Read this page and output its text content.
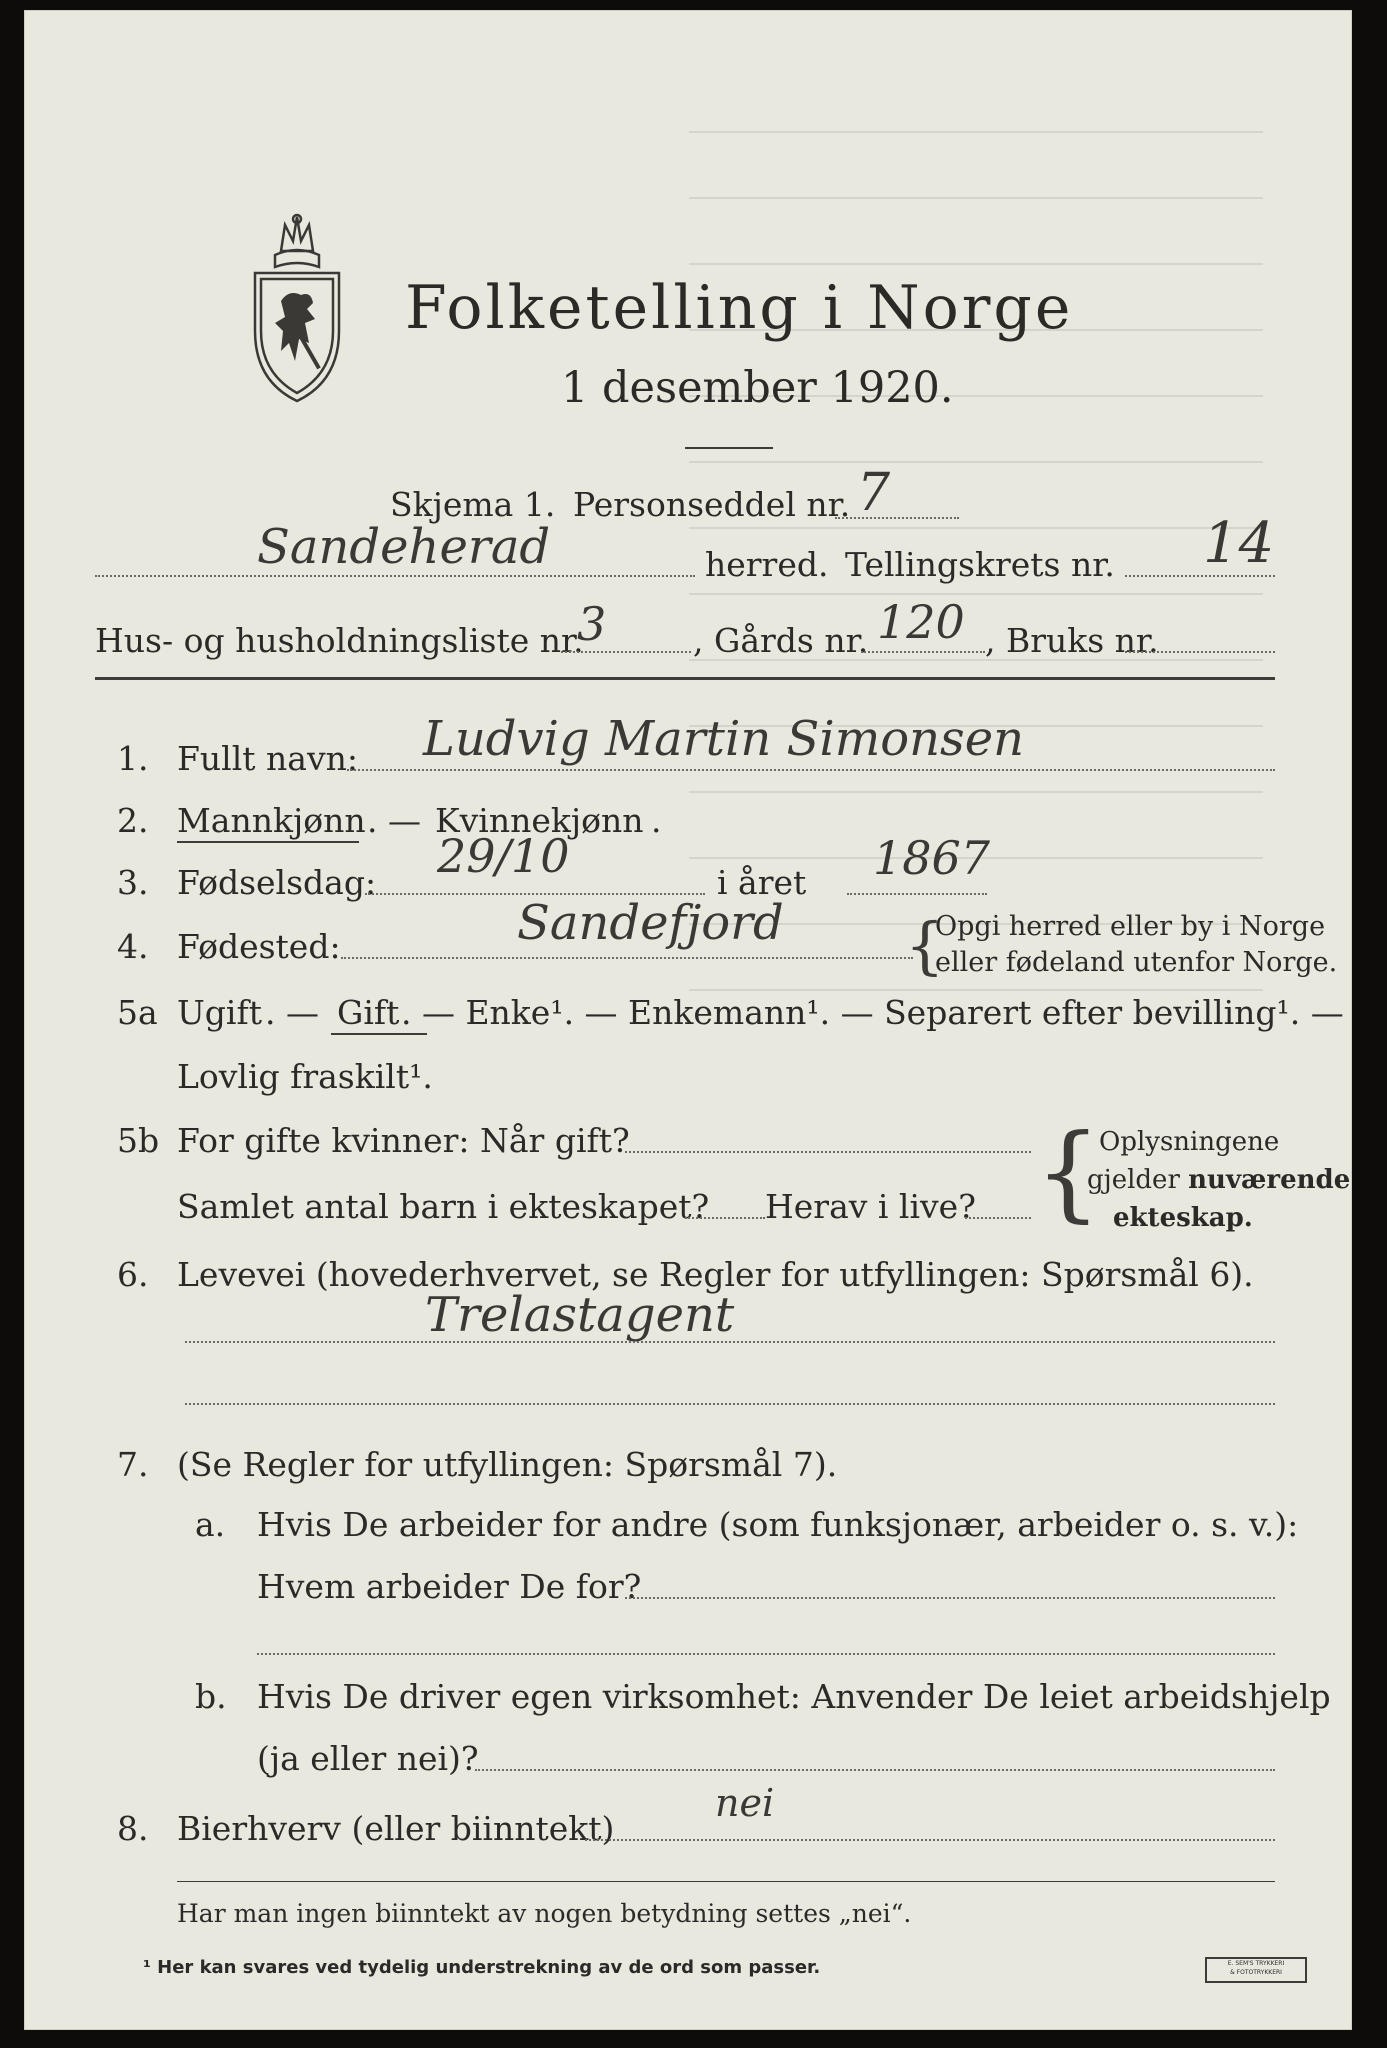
Folketelling i Norge
1 desember 1920.
Skjema 1. Personseddel nr. 7
Sandeherad	herred. Tellingskrets nr. 14
Hus- og husholdningsliste nr.
3	, Gårds nr. 120 , Bruks nr.
1. Fullt navn: Ludvig Martin Simonsen
2. Mannkjønn . — Kvinnekjønn .
3. Fødselsdag: 29/10	i året 1867
4. Fødested:	Sandefjord {
Opgi herred eller by i Norge
eller fødeland utenfor Norge.
5a Ugift . — Gift . — Enke¹. — Enkemann¹. — Separert efter bevilling¹. —
Lovlig fraskilt¹.
5b For gifte kvinner: Når gift?
Samlet antal barn i ekteskapet? Herav i live? {
Oplysningene
gjelder nuværende
ekteskap.
6. Levevei (hovederhvervet, se Regler for utfyllingen: Spørsmål 6).
Trelastagent
7. (Se Regler for utfyllingen: Spørsmål 7).
a. Hvis De arbeider for andre (som funksjonær, arbeider o. s. v.):
Hvem arbeider De for?
b. Hvis De driver egen virksomhet: Anvender De leiet arbeidshjelp
(ja eller nei)?
8. Bierhverv (eller biinntekt)
nei
Har man ingen biinntekt av nogen betydning settes „nei“.
¹ Her kan svares ved tydelig understrekning av de ord som passer.	E. SEM'S TRYKKERI
& FOTOTRYKKERI
